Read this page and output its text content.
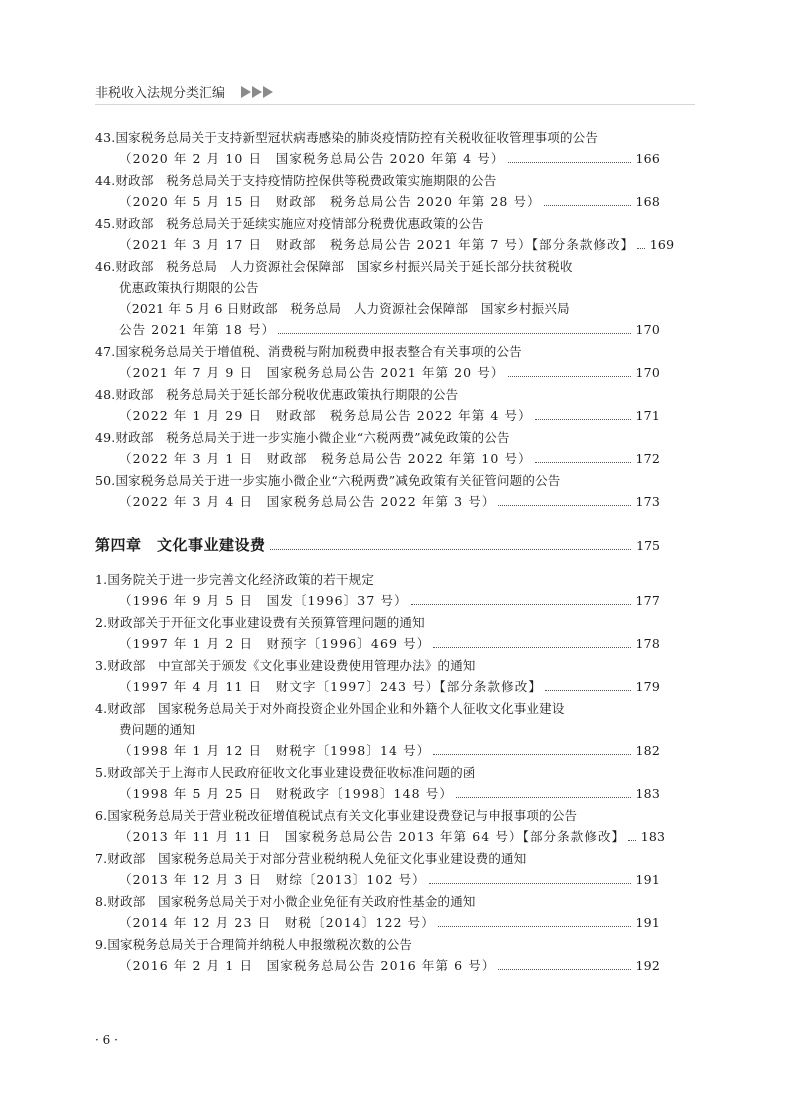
非税收入法规分类汇编
43.国家税务总局关于支持新型冠状病毒感染的肺炎疫情防控有关税收征收管理事项的公告
（2020 年 2 月 10 日　国家税务总局公告 2020 年第 4 号）	166
44.财政部　税务总局关于支持疫情防控保供等税费政策实施期限的公告
（2020 年 5 月 15 日　财政部　税务总局公告 2020 年第 28 号）	168
45.财政部　税务总局关于延续实施应对疫情部分税费优惠政策的公告
（2021 年 3 月 17 日　财政部　税务总局公告 2021 年第 7 号）【部分条款修改】 169
46.财政部　税务总局　人力资源社会保障部　国家乡村振兴局关于延长部分扶贫税收
优惠政策执行期限的公告
（2021 年 5 月 6 日财政部　税务总局　人力资源社会保障部　国家乡村振兴局
公告 2021 年第 18 号）	170
47.国家税务总局关于增值税、消费税与附加税费申报表整合有关事项的公告
（2021 年 7 月 9 日　国家税务总局公告 2021 年第 20 号）	170
48.财政部　税务总局关于延长部分税收优惠政策执行期限的公告
（2022 年 1 月 29 日　财政部　税务总局公告 2022 年第 4 号）	171
49.财政部　税务总局关于进一步实施小微企业“六税两费”减免政策的公告
（2022 年 3 月 1 日　财政部　税务总局公告 2022 年第 10 号）	172
50.国家税务总局关于进一步实施小微企业“六税两费”减免政策有关征管问题的公告
（2022 年 3 月 4 日　国家税务总局公告 2022 年第 3 号）	173
第四章　文化事业建设费	175
1.国务院关于进一步完善文化经济政策的若干规定
（1996 年 9 月 5 日　国发〔1996〕37 号）	177
2.财政部关于开征文化事业建设费有关预算管理问题的通知
（1997 年 1 月 2 日　财预字〔1996〕469 号）	178
3.财政部　中宣部关于颁发《文化事业建设费使用管理办法》的通知
（1997 年 4 月 11 日　财文字〔1997〕243 号）【部分条款修改】	179
4.财政部　国家税务总局关于对外商投资企业外国企业和外籍个人征收文化事业建设
费问题的通知
（1998 年 1 月 12 日　财税字〔1998〕14 号）	182
5.财政部关于上海市人民政府征收文化事业建设费征收标准问题的函
（1998 年 5 月 25 日　财税政字〔1998〕148 号）	183
6.国家税务总局关于营业税改征增值税试点有关文化事业建设费登记与申报事项的公告
（2013 年 11 月 11 日　国家税务总局公告 2013 年第 64 号）【部分条款修改】 183
7.财政部　国家税务总局关于对部分营业税纳税人免征文化事业建设费的通知
（2013 年 12 月 3 日　财综〔2013〕102 号）	191
8.财政部　国家税务总局关于对小微企业免征有关政府性基金的通知
（2014 年 12 月 23 日　财税〔2014〕122 号）	191
9.国家税务总局关于合理简并纳税人申报缴税次数的公告
（2016 年 2 月 1 日　国家税务总局公告 2016 年第 6 号）	192
· 6 ·
